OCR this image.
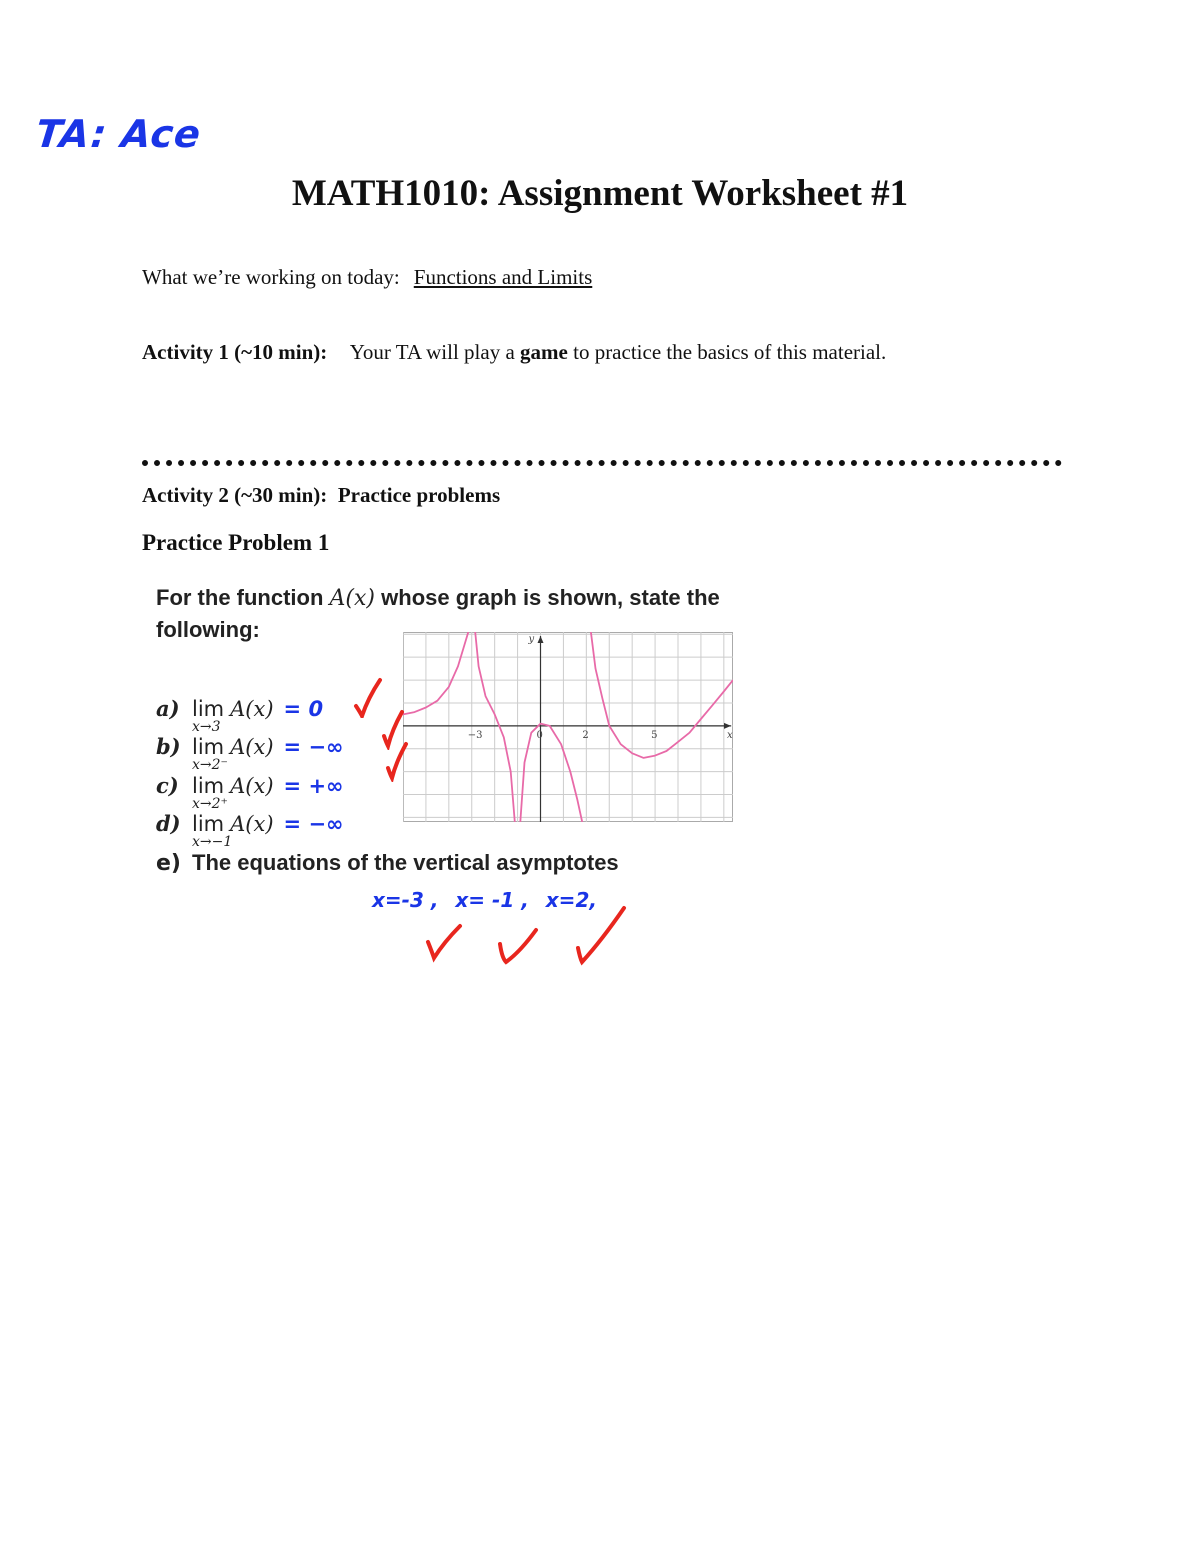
TA: Ace
MATH1010: Assignment Worksheet #1
What we’re working on today: Functions and Limits
Activity 1 (~10 min): Your TA will play a game to practice the basics of this material.
Activity 2 (~30 min): Practice problems
Practice Problem 1
For the function A(x) whose graph is shown, state the
following:
a) lim
x→3
A(x) = 0
b) lim
x→2⁻
A(x) = −∞
c) lim
x→2⁺
A(x) = +∞
d) lim
x→−1
A(x) = −∞
e) The equations of the vertical asymptotes
x=-3 , x= -1 , x=2,
x
y
−3	0	2	5
